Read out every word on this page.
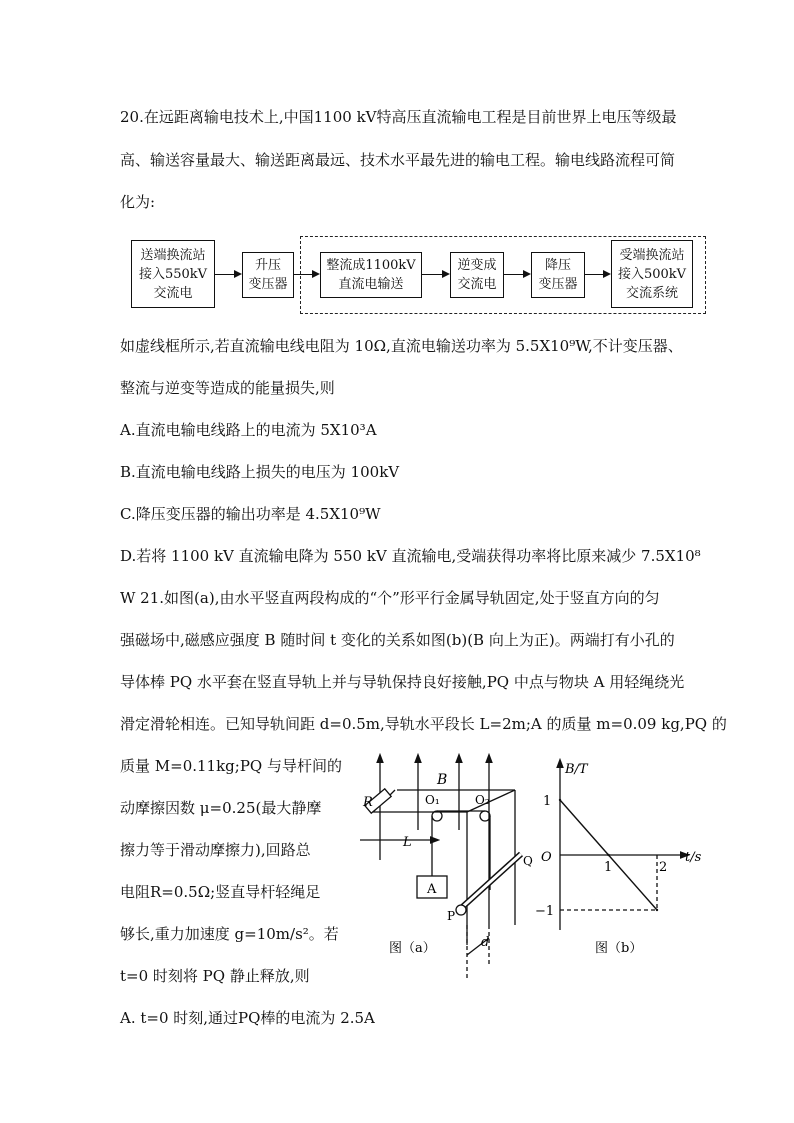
20.在远距离输电技术上,中国1100 kV特高压直流输电工程是目前世界上电压等级最
高、输送容量最大、输送距离最远、技术水平最先进的输电工程。输电线路流程可简
化为:
送端换流站
接入550kV
交流电
升压
变压器
整流成1100kV
直流电输送
逆变成
交流电
降压
变压器
受端换流站
接入500kV
交流系统
如虚线框所示,若直流输电线电阻为 10Ω,直流电输送功率为 5.5X10⁹W,不计变压器、
整流与逆变等造成的能量损失,则
A.直流电输电线路上的电流为 5X10³A
B.直流电输电线路上损失的电压为 100kV
C.降压变压器的输出功率是 4.5X10⁹W
D.若将 1100 kV 直流输电降为 550 kV 直流输电,受端获得功率将比原来减少 7.5X10⁸
W 21.如图(a),由水平竖直两段构成的“个”形平行金属导轨固定,处于竖直方向的匀
强磁场中,磁感应强度 B 随时间 t 变化的关系如图(b)(B 向上为正)。两端打有小孔的
导体棒 PQ 水平套在竖直导轨上并与导轨保持良好接触,PQ 中点与物块 A 用轻绳绕光
滑定滑轮相连。已知导轨间距 d=0.5m,导轨水平段长 L=2m;A 的质量 m=0.09 kg,PQ 的
质量 M=0.11kg;PQ 与导杆间的
动摩擦因数 μ=0.25(最大静摩
擦力等于滑动摩擦力),回路总
电阻R=0.5Ω;竖直导杆轻绳足
够长,重力加速度 g=10m/s²。若
t=0 时刻将 PQ 静止释放,则
A. t=0 时刻,通过PQ棒的电流为 2.5A
B
R	O₁	O₂
L
A
Q
P
d
图（a）
B/T
t/s
O
1
−1
1	2
图（b）
